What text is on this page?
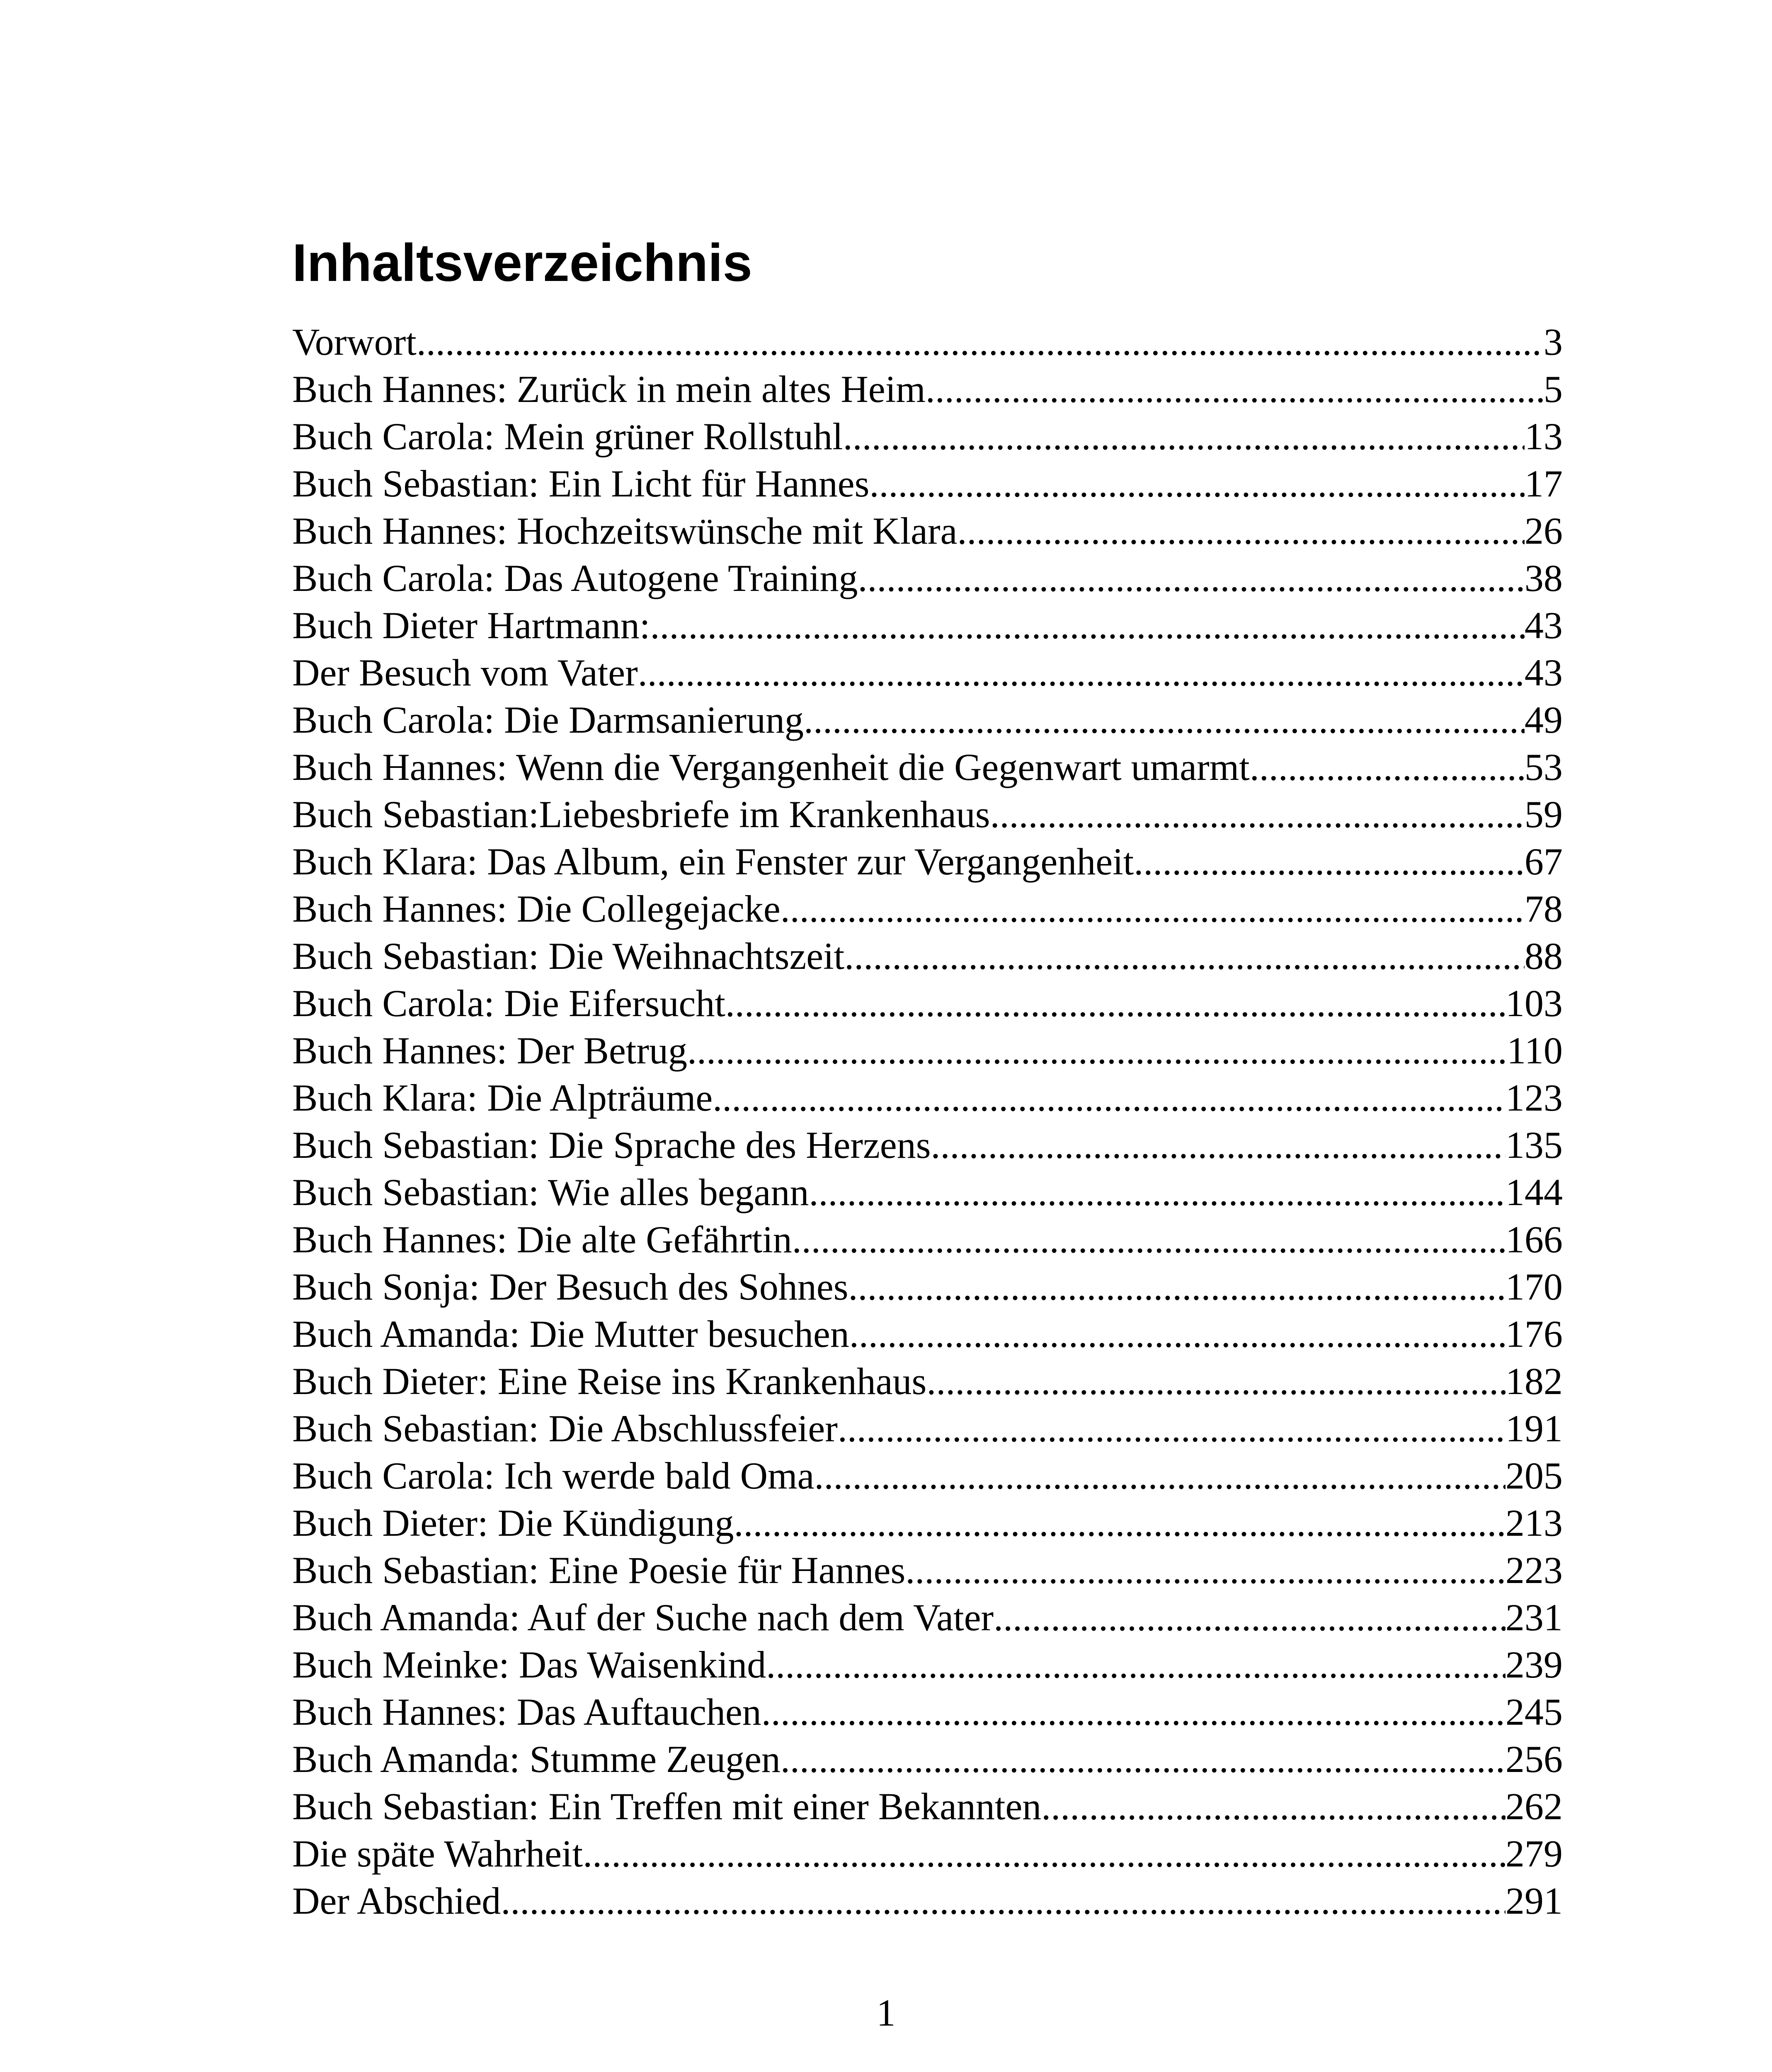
Inhaltsverzeichnis
Vorwort .....	3
Buch Hannes: Zurück in mein altes Heim .....	5
Buch Carola: Mein grüner Rollstuhl .....	13
Buch Sebastian: Ein Licht für Hannes .....	17
Buch Hannes: Hochzeitswünsche mit Klara .....	26
Buch Carola: Das Autogene Training .....	38
Buch Dieter Hartmann: .....	43
Der Besuch vom Vater .....	43
Buch Carola: Die Darmsanierung .....	49
Buch Hannes: Wenn die Vergangenheit die Gegenwart umarmt .....	53
Buch Sebastian:Liebesbriefe im Krankenhaus .....	59
Buch Klara: Das Album, ein Fenster zur Vergangenheit .....	67
Buch Hannes: Die Collegejacke .....	78
Buch Sebastian: Die Weihnachtszeit .....	88
Buch Carola: Die Eifersucht .....	103
Buch Hannes: Der Betrug .....	110
Buch Klara: Die Alpträume .....	123
Buch Sebastian: Die Sprache des Herzens .....	135
Buch Sebastian: Wie alles begann .....	144
Buch Hannes: Die alte Gefährtin .....	166
Buch Sonja: Der Besuch des Sohnes .....	170
Buch Amanda: Die Mutter besuchen .....	176
Buch Dieter: Eine Reise ins Krankenhaus .....	182
Buch Sebastian: Die Abschlussfeier .....	191
Buch Carola: Ich werde bald Oma .....	205
Buch Dieter: Die Kündigung .....	213
Buch Sebastian: Eine Poesie für Hannes .....	223
Buch Amanda: Auf der Suche nach dem Vater .....	231
Buch Meinke: Das Waisenkind .....	239
Buch Hannes: Das Auftauchen .....	245
Buch Amanda: Stumme Zeugen .....	256
Buch Sebastian: Ein Treffen mit einer Bekannten .....	262
Die späte Wahrheit .....	279
Der Abschied .....	291
1
